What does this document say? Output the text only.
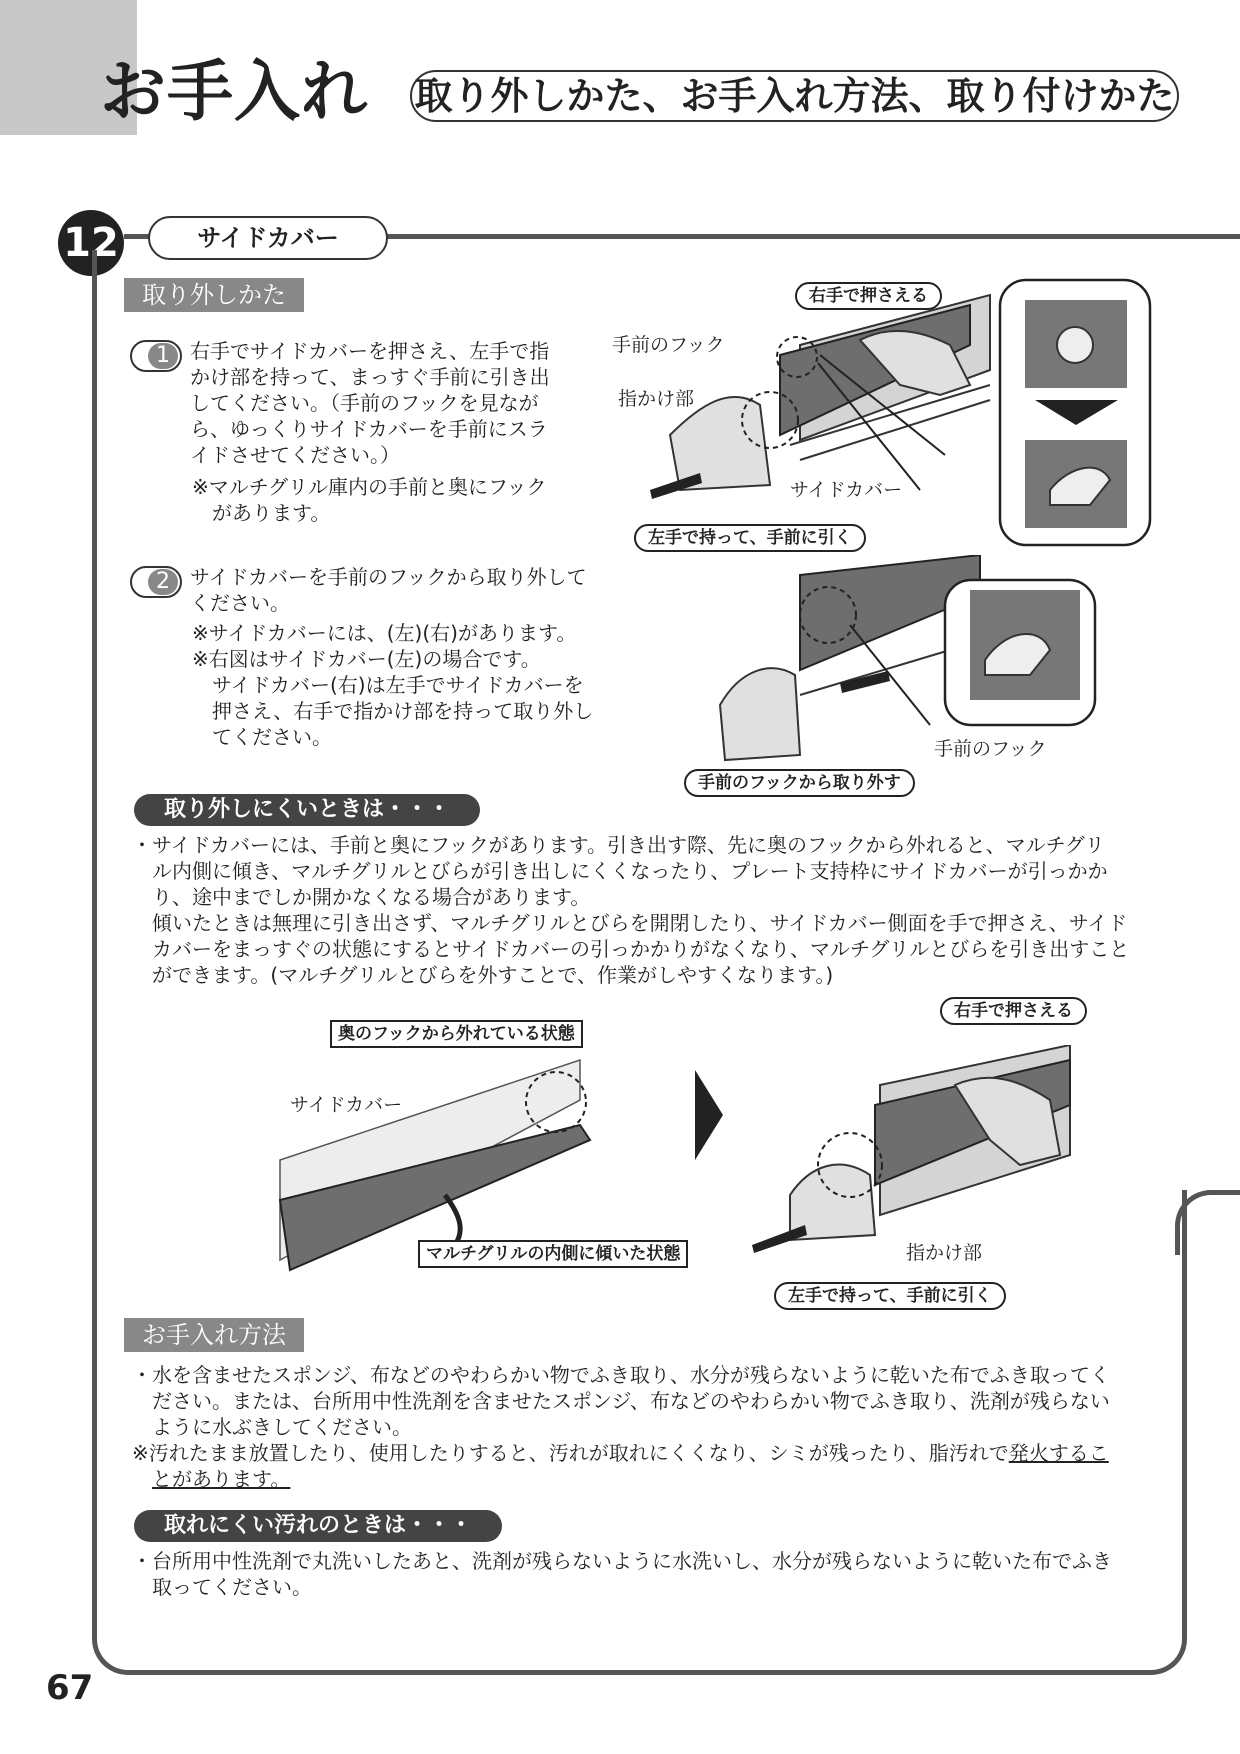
お手入れ 取り外しかた、お手入れ方法、取り付けかた
12	サイドカバー
取り外しかた
1	右手でサイドカバーを押さえ、左手で指
かけ部を持って、まっすぐ手前に引き出
してください。（手前のフックを見なが
ら、ゆっくりサイドカバーを手前にスラ
イドさせてください。）
※マルチグリル庫内の手前と奥にフック
　があります。
2	サイドカバーを手前のフックから取り外して
ください。
※サイドカバーには、(左)(右)があります。
※右図はサイドカバー(左)の場合です。
　サイドカバー(右)は左手でサイドカバーを
　押さえ、右手で指かけ部を持って取り外し
　てください。
右手で押さえる
手前のフック
指かけ部
サイドカバー
左手で持って、手前に引く
手前のフック
手前のフックから取り外す
取り外しにくいときは・・・
・サイドカバーには、手前と奥にフックがあります。引き出す際、先に奥のフックから外れると、マルチグリ
　ル内側に傾き、マルチグリルとびらが引き出しにくくなったり、プレート支持枠にサイドカバーが引っかか
　り、途中までしか開かなくなる場合があります。
　傾いたときは無理に引き出さず、マルチグリルとびらを開閉したり、サイドカバー側面を手で押さえ、サイド
　カバーをまっすぐの状態にするとサイドカバーの引っかかりがなくなり、マルチグリルとびらを引き出すこと
　ができます。(マルチグリルとびらを外すことで、作業がしやすくなります。)
奥のフックから外れている状態
サイドカバー
マルチグリルの内側に傾いた状態
右手で押さえる
指かけ部
左手で持って、手前に引く
お手入れ方法
・水を含ませたスポンジ、布などのやわらかい物でふき取り、水分が残らないように乾いた布でふき取ってく
　ださい。または、台所用中性洗剤を含ませたスポンジ、布などのやわらかい物でふき取り、洗剤が残らない
　ように水ぶきしてください。
※汚れたまま放置したり、使用したりすると、汚れが取れにくくなり、シミが残ったり、脂汚れで発火するこ
　とがあります。
取れにくい汚れのときは・・・
・台所用中性洗剤で丸洗いしたあと、洗剤が残らないように水洗いし、水分が残らないように乾いた布でふき
　取ってください。
67
